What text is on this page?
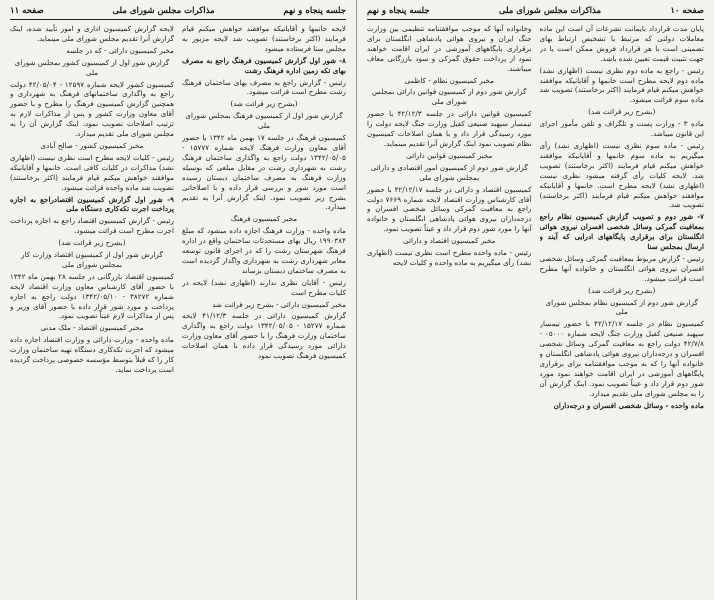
جلسه پنجاه و نهم
مذاکرات مجلس شورای ملی
صفحه ۱۱

لایحه خانمها و آقایانیکه موافقند خواهش میکنم قیام فرمایند (اکثر برخاستند) تصویب شد لایحه مزبور به مجلس سنا فرستاده میشود

۸- شور اول گزارش کمیسیون فرهنگ راجع به مصرف بهای تکه زمین اداره فرهنگ رشت

رئیس - گزارش راجع به مصرف بهای ساختمان فرهنگ رشت مطرح است قرائت میشود.

(بشرح زیر قرائت شد)

گزارش شور اول از کمیسیون فرهنگ بمجلس شورای ملی

کمیسیون فرهنگ در جلسه ۱۷ بهمن ماه ۱۳۴۲ با حضور آقای معاون وزارت فرهنگ لایحه شماره ۱۵۷۷۷ - ۱۳۴۲/۰۵/۰۵ دولت راجع به واگذاری ساختمان فرهنگ رشت به شهرداری رشت در مقابل مبلغی که بوسیله وزارت فرهنگ به مصرف ساختمان دبستان رسیده است مورد شور و بررسی قرار داده و با اصلاحاتی بشرح زیر تصویب نمود. اینک گزارش آنرا به تقدیم میدارد.

مخبر کمیسیون فرهنگ

ماده واحده - وزارت فرهنگ اجازه داده میشود که مبلغ ۱۹۹۰۳۸۴ ریال بهای مستحدثات ساختمان واقع در اداره فرهنگ شهرستان رشت را که در اجرای قانون توسعه معابر شهرداری رشت به شهرداری واگذار گردیده است به مصرف ساختمان دبستان برساند

رئیس - آقایان نظری ندارند (اظهاری نشد) لایحه در کلیات مطرح است

مخبر کمیسیون دارائی - بشرح زیر قرائت شد

گزارش کمیسیون دارائی در جلسه ۴۱/۱۲/۳ لایحه شماره ۱۵۲۷۷ - ۱۳۴۲/۰۵/۰۵ دولت راجع به واگذاری ساختمان وزارت فرهنگ را با حضور آقای معاون وزارت دارائی مورد رسیدگی قرار داده با همان اصلاحات کمیسیون فرهنگ تصویب نمود

لایحه گزارش کمیسیون اداری و امور تأیید شده، اینک گزارش آنرا تقدیم مجلس شورای ملی مینماید.

مخبر کمیسیون دارائی - که در جلسه

گزارش شور اول از کمیسیون کشور بمجلس شورای ملی

کمیسیون کشور لایحه شماره ۱۲۵۹۷ - ۴۲/۰۵/۰۴ دولت راجع به واگذاری ساختمانهای فرهنگ به شهرداری و همچنین گزارش کمیسیون فرهنگ را مطرح و با حضور آقای معاون وزارت کشور و پس از مذاکرات لازم به ترتیب اصلاحات تصویب نمود، اینک گزارش آن را به مجلس شورای ملی تقدیم میدارد.

مخبر کمیسیون کشور - صالح آبادی

رئیس - کلیات لایحه مطرح است نظری نیست (اظهاری نشد) مذاکرات در کلیات کافی است. خانمها و آقایانیکه موافقند خواهش میکنم قیام فرمایند (اکثر برخاستند) تصویب شد ماده واحده قرائت میشود.

۹- شور اول گزارش کمیسیون اقتصادراجع به اجازه پرداخت اجرت تکه‌کاری دستگاه ملی

رئیس - گزارش کمیسیون اقتصاد راجع به اجازه پرداخت اجرت مطرح است قرائت میشود.

(بشرح زیر قرائت شد)

گزارش شور اول از کمیسیون اقتصاد وزارت کار بمجلس شورای ملی

کمیسیون اقتصاد بازرگانی در جلسه ۲۸ بهمن ماه ۱۳۴۲ با حضور آقای کارشناس معاون وزارت اقتصاد لایحه شماره ۳۸۲۷۲ - ۱۳۴۲/۰۵/۱۰ دولت راجع به اجازه پرداخت و مورد شور قرار داده با حضور آقای وزیر و پس از مذاکرات لازم عیناً تصویب نمود.

مخبر کمیسیون اقتصاد - ملک مدنی

ماده واحده - وزارت دارائی و وزارت اقتصاد اجازه داده میشود که اجرت تکه‌کاری دستگاه تهیه ساختمان وزارت کار را که قبلاً بتوسط مؤسسه خصوصی پرداخت گردیده است پرداخت نماید.

صفحه ۱۰
مذاکرات مجلس شورای ملی
جلسه پنجاه و نهم

پایان مدت قرارداد بایمانت نشرعات آن است این ماده معاملات دولتی که مرتبط با تشخیص ارتباط بهای تضمینی است با هر قرارداد فروش ممکن است یا در جهت تثبیت قیمت تعیین شده باشد.

رئیس - راجع به ماده دوم نظری نیست (اظهاری نشد) ماده دوم لایحه مطرح است خانمها و آقایانیکه موافقند خواهش میکنم قیام فرمایند (اکثر برخاستند) تصویب شد ماده سوم قرائت میشود.

(بشرح زیر قرائت شد)

ماده ۳ - وزارت پست و تلگراف و تلفن مأمور اجرای این قانون میباشد.

رئیس - ماده سوم نظری نیست (اظهاری نشد) رأی میگیریم به ماده سوم خانمها و آقایانیکه موافقند خواهش میکنم قیام فرمایند (اکثر برخاستند) تصویب شد. لایحه کلیات رأی گرفته میشود نظری نیست (اظهاری نشد) لایحه مطرح است. خانمها و آقایانیکه موافقند خواهش میکنم قیام فرمایند (اکثر برخاستند) تصویب شد.

۷- شور دوم و تصویب گزارش کمیسیون نظام راجع بمعافیت گمرکی وسائل شخصی افسران نیروی هوائی انگلستان برای برقراری پایگاههای ادرایی که آیند و ارسال بمجلس سنا

رئیس - گزارش مربوط بمعافیت گمرکی وسائل شخصی افسران نیروی هوائی انگلستان و خانواده آنها مطرح است قرائت میشود.

(بشرح زیر قرائت شد)

گزارش شور دوم از کمیسیون نظام بمجلس شورای ملی

کمیسیون نظام در جلسه ۴۲/۱۲/۱۷ با حضور تیمسار سپهبد صنیعی کفیل وزارت جنگ لایحه شماره ۰۵۰۰۰ - ۴۲/۷/۸ دولت راجع به معافیت گمرکی وسائل شخصی افسران و درجه‌داران نیروی هوائی پادشاهی انگلستان و خانواده آنها را که به موجب موافقتنامه برای برقراری پایگاههای آموزشی در ایران اقامت خواهند نمود مورد شور دوم قرار داد و عیناً تصویب نمود. اینک گزارش آن را به مجلس شورای ملی تقدیم میدارد.

ماده واحده - وسائل شخصی افسران و درجه‌داران

وخانواده آنها که موجب موافقتنامه تنظیمی بین وزارت جنگ ایران و نیروی هوائی پادشاهی انگلستان برای برقراری پایگاههای آموزشی در ایران اقامت خواهند نمود از پرداخت حقوق گمرکی و سود بازرگانی معاف میباشند.

مخبر کمیسیون نظام - کاظمی

گزارش شور دوم از کمیسیون قوانین دارائی بمجلس شورای ملی

کمیسیون قوانین دارائی در جلسه ۴۲/۱۲/۳ با حضور تیمسار سپهبد صنیعی کفیل وزارت جنگ لایحه دولت را مورد رسیدگی قرار داد و با همان اصلاحات کمیسیون نظام تصویب نمود اینک گزارش آنرا تقدیم مینماید.

مخبر کمیسیون قوانین دارائی

گزارش شور دوم از کمیسیون امور اقتصادی و دارائی بمجلس شورای ملی

کمیسیون اقتصاد و دارائی در جلسه ۴۲/۱۲/۱۷ با حضور آقای کارشناس وزارت اقتصاد لایحه شماره ۷۶۶۹ دولت راجع به معافیت گمرکی وسائل شخصی افسران و درجه‌داران نیروی هوائی پادشاهی انگلستان و خانواده آنها را مورد شور دوم قرار داد و عیناً تصویب نمود.

مخبر کمیسیون اقتصاد و دارائی

رئیس - ماده واحده مطرح است نظری نیست (اظهاری نشد) رأی میگیریم به ماده واحده و کلیات لایحه
